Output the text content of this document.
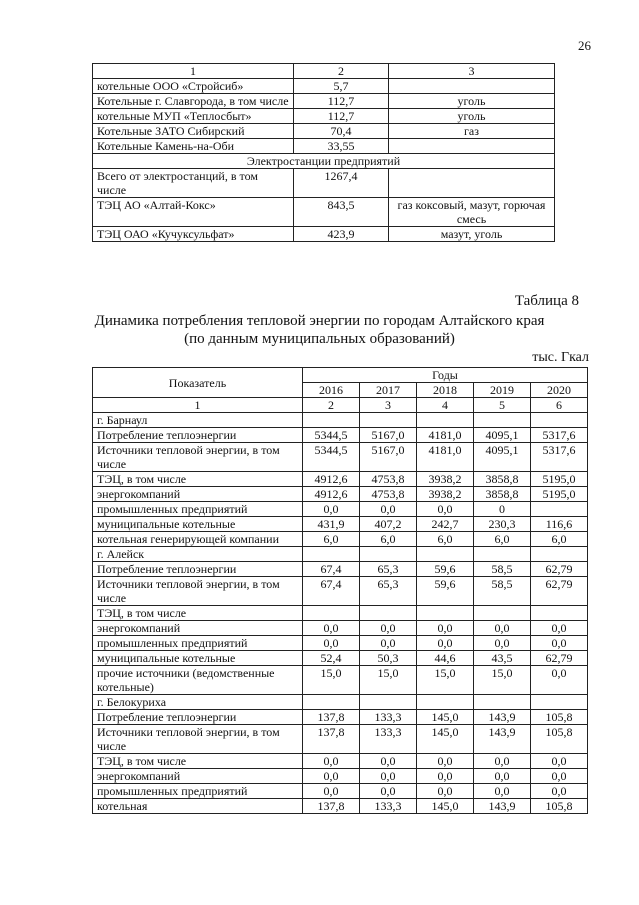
26
1	2	3
котельные ООО «Стройсиб»	5,7	
Котельные г. Славгорода, в том числе	112,7	уголь
котельные МУП «Теплосбыт»	112,7	уголь
Котельные ЗАТО Сибирский	70,4	газ
Котельные Камень-на-Оби	33,55	
Электростанции предприятий		
Всего от электростанций, в том числе	1267,4	
ТЭЦ АО «Алтай-Кокс»	843,5	газ коксовый, мазут, горючая смесь
ТЭЦ ОАО «Кучуксульфат»	423,9	мазут, уголь
Таблица 8
Динамика потребления тепловой энергии по городам Алтайского края
(по данным муниципальных образований)
тыс. Гкал
Показатель	Годы				
	2016	2017	2018	2019	2020
1	2	3	4	5	6
г. Барнаул					
Потребление теплоэнергии	5344,5	5167,0	4181,0	4095,1	5317,6
Источники тепловой энергии, в том числе	5344,5	5167,0	4181,0	4095,1	5317,6
ТЭЦ, в том числе	4912,6	4753,8	3938,2	3858,8	5195,0
энергокомпаний	4912,6	4753,8	3938,2	3858,8	5195,0
промышленных предприятий	0,0	0,0	0,0	0	
муниципальные котельные	431,9	407,2	242,7	230,3	116,6
котельная генерирующей компании	6,0	6,0	6,0	6,0	6,0
г. Алейск					
Потребление теплоэнергии	67,4	65,3	59,6	58,5	62,79
Источники тепловой энергии, в том числе	67,4	65,3	59,6	58,5	62,79
ТЭЦ, в том числе					
энергокомпаний	0,0	0,0	0,0	0,0	0,0
промышленных предприятий	0,0	0,0	0,0	0,0	0,0
муниципальные котельные	52,4	50,3	44,6	43,5	62,79
прочие источники (ведомственные котельные)	15,0	15,0	15,0	15,0	0,0
г. Белокуриха					
Потребление теплоэнергии	137,8	133,3	145,0	143,9	105,8
Источники тепловой энергии, в том числе	137,8	133,3	145,0	143,9	105,8
ТЭЦ, в том числе	0,0	0,0	0,0	0,0	0,0
энергокомпаний	0,0	0,0	0,0	0,0	0,0
промышленных предприятий	0,0	0,0	0,0	0,0	0,0
котельная	137,8	133,3	145,0	143,9	105,8
